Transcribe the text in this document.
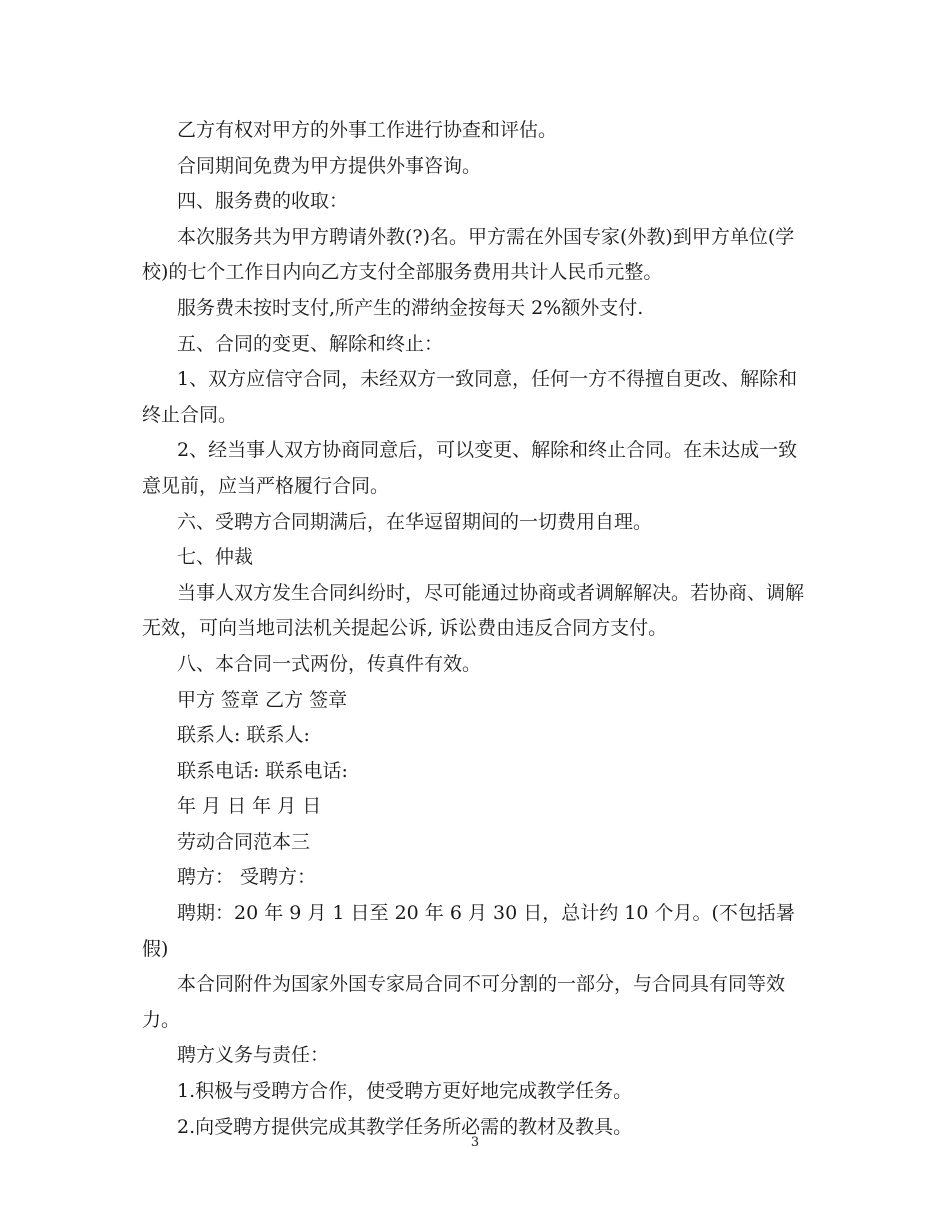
乙方有权对甲方的外事工作进行协查和评估。

合同期间免费为甲方提供外事咨询。

四、服务费的收取：

本次服务共为甲方聘请外教(?)名。甲方需在外国专家(外教)到甲方单位(学校)的七个工作日内向乙方支付全部服务费用共计人民币元整。

服务费未按时支付,所产生的滞纳金按每天 2%额外支付.

五、合同的变更、解除和终止：

1、双方应信守合同，未经双方一致同意，任何一方不得擅自更改、解除和终止合同。

2、经当事人双方协商同意后，可以变更、解除和终止合同。在未达成一致意见前，应当严格履行合同。

六、受聘方合同期满后，在华逗留期间的一切费用自理。

七、仲裁

当事人双方发生合同纠纷时，尽可能通过协商或者调解解决。若协商、调解无效，可向当地司法机关提起公诉, 诉讼费由违反合同方支付。

八、本合同一式两份，传真件有效。

甲方 签章 乙方 签章

联系人: 联系人:

联系电话: 联系电话:

年 月 日 年 月 日

劳动合同范本三

聘方： 受聘方：

聘期：20 年 9 月 1 日至 20 年 6 月 30 日，总计约 10 个月。(不包括暑假)

本合同附件为国家外国专家局合同不可分割的一部分，与合同具有同等效力。

聘方义务与责任：

1.积极与受聘方合作，使受聘方更好地完成教学任务。

2.向受聘方提供完成其教学任务所必需的教材及教具。

3
